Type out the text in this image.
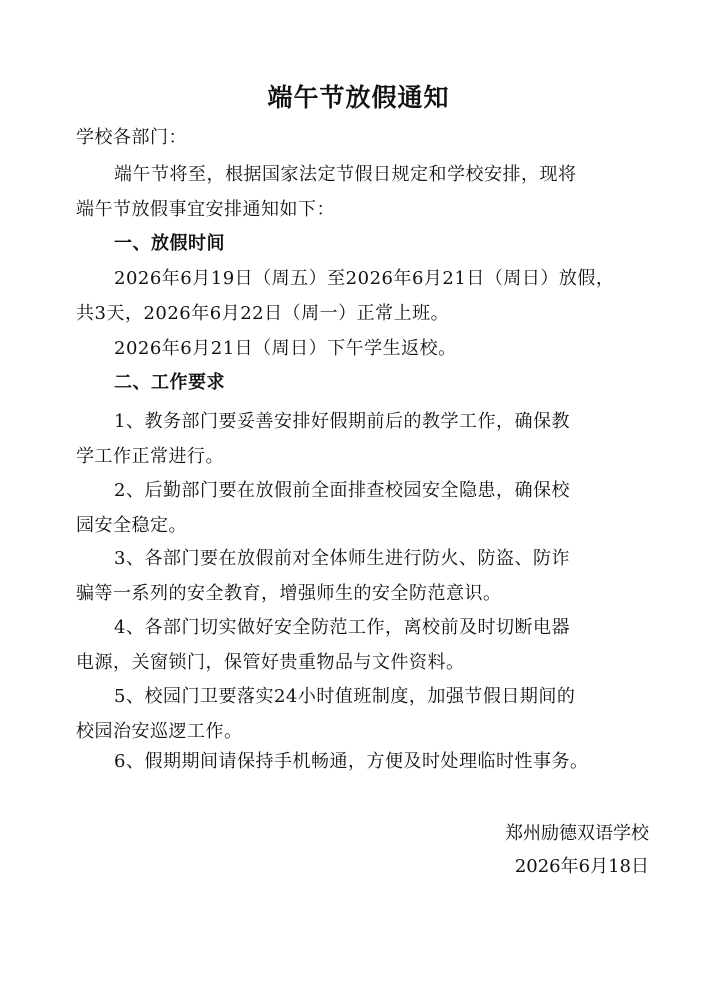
端午节放假通知
学校各部门：
端午节将至，根据国家法定节假日规定和学校安排，现将
端午节放假事宜安排通知如下：
一、放假时间
2026年6月19日（周五）至2026年6月21日（周日）放假，
共3天，2026年6月22日（周一）正常上班。
2026年6月21日（周日）下午学生返校。
二、工作要求
1、教务部门要妥善安排好假期前后的教学工作，确保教
学工作正常进行。
2、后勤部门要在放假前全面排查校园安全隐患，确保校
园安全稳定。
3、各部门要在放假前对全体师生进行防火、防盗、防诈
骗等一系列的安全教育，增强师生的安全防范意识。
4、各部门切实做好安全防范工作，离校前及时切断电器
电源，关窗锁门，保管好贵重物品与文件资料。
5、校园门卫要落实24小时值班制度，加强节假日期间的
校园治安巡逻工作。
6、假期期间请保持手机畅通，方便及时处理临时性事务。
郑州励德双语学校
2026年6月18日
